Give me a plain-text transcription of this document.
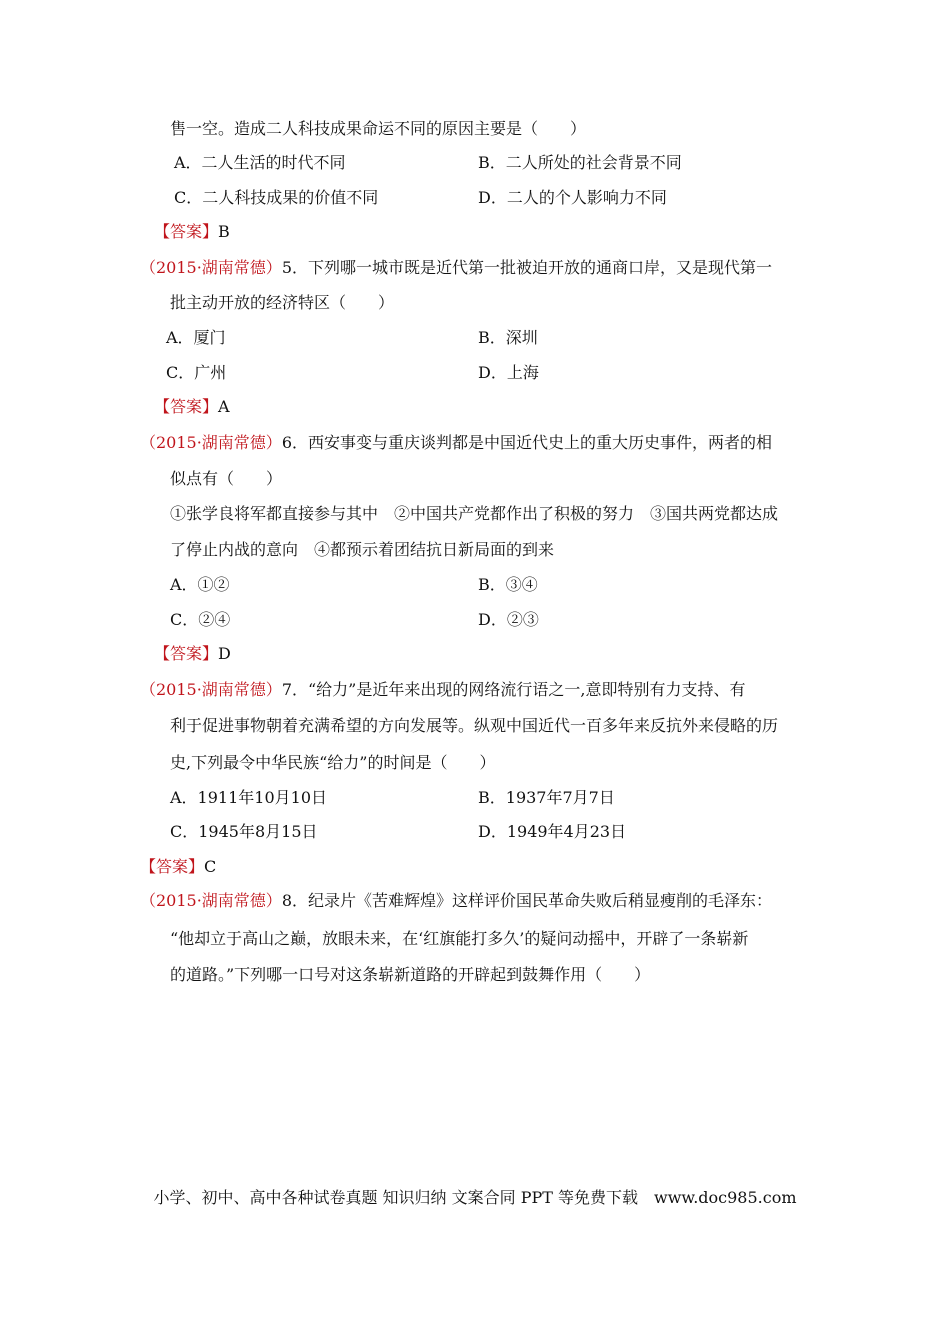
售一空。造成二人科技成果命运不同的原因主要是（　　）
A．二人生活的时代不同	B．二人所处的社会背景不同
C．二人科技成果的价值不同	D．二人的个人影响力不同
【答案】B
（2015·湖南常德）5．下列哪一城市既是近代第一批被迫开放的通商口岸，又是现代第一
批主动开放的经济特区（　　）
A．厦门	B．深圳
C．广州	D．上海
【答案】A
（2015·湖南常德）6．西安事变与重庆谈判都是中国近代史上的重大历史事件，两者的相
似点有（　　）
①张学良将军都直接参与其中　②中国共产党都作出了积极的努力　③国共两党都达成
了停止内战的意向　④都预示着团结抗日新局面的到来
A．①②	B．③④
C．②④	D．②③
【答案】D
（2015·湖南常德）7．“给力”是近年来出现的网络流行语之一,意即特别有力支持、有
利于促进事物朝着充满希望的方向发展等。纵观中国近代一百多年来反抗外来侵略的历
史,下列最令中华民族“给力”的时间是（　　）
A．1911年10月10日	B．1937年7月7日
C．1945年8月15日	D．1949年4月23日
【答案】C
（2015·湖南常德）8．纪录片《苦难辉煌》这样评价国民革命失败后稍显瘦削的毛泽东：
“他却立于高山之巅，放眼未来，在‘红旗能打多久’的疑问动摇中，开辟了一条崭新
的道路。”下列哪一口号对这条崭新道路的开辟起到鼓舞作用（　　）
小学、初中、高中各种试卷真题 知识归纳 文案合同 PPT 等免费下载　www.doc985.com
